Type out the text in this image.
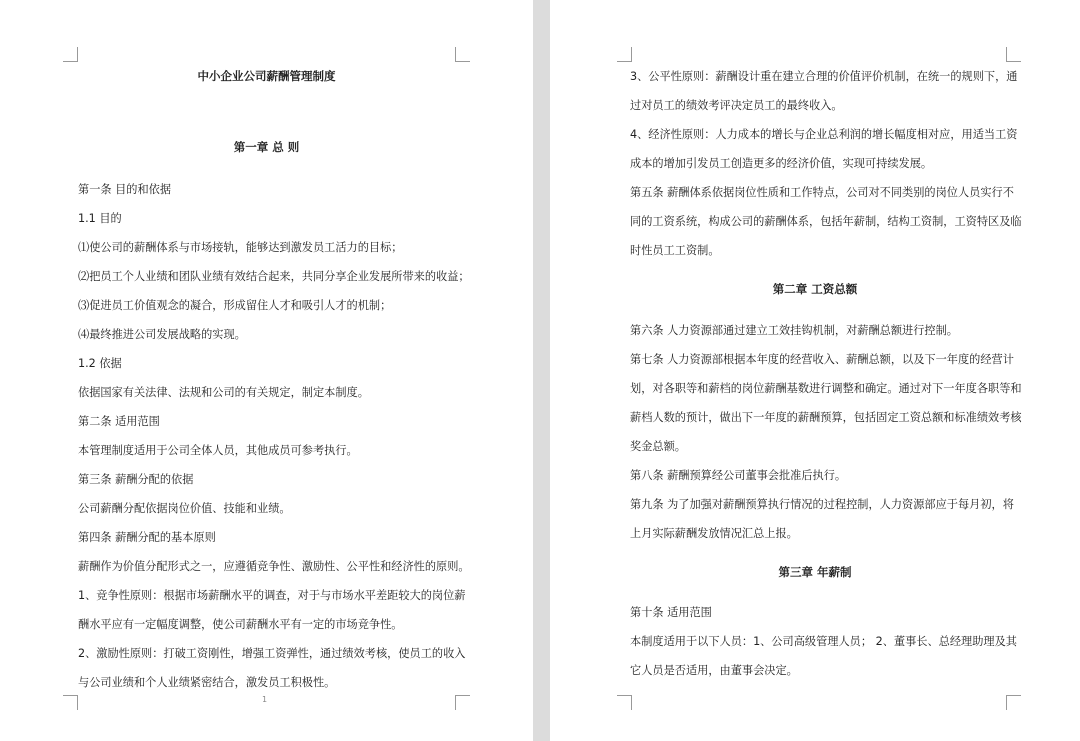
中小企业公司薪酬管理制度
第一章 总 则
第一条 目的和依据
1.1 目的
⑴使公司的薪酬体系与市场接轨，能够达到激发员工活力的目标；
⑵把员工个人业绩和团队业绩有效结合起来，共同分享企业发展所带来的收益；
⑶促进员工价值观念的凝合，形成留住人才和吸引人才的机制；
⑷最终推进公司发展战略的实现。
1.2 依据
依据国家有关法律、法规和公司的有关规定，制定本制度。
第二条 适用范围
本管理制度适用于公司全体人员，其他成员可参考执行。
第三条 薪酬分配的依据
公司薪酬分配依据岗位价值、技能和业绩。
第四条 薪酬分配的基本原则
薪酬作为价值分配形式之一，应遵循竞争性、激励性、公平性和经济性的原则。
1、竞争性原则：根据市场薪酬水平的调查，对于与市场水平差距较大的岗位薪
酬水平应有一定幅度调整，使公司薪酬水平有一定的市场竞争性。
2、激励性原则：打破工资刚性，增强工资弹性，通过绩效考核，使员工的收入
与公司业绩和个人业绩紧密结合，激发员工积极性。
1
3、公平性原则：薪酬设计重在建立合理的价值评价机制，在统一的规则下，通
过对员工的绩效考评决定员工的最终收入。
4、经济性原则：人力成本的增长与企业总利润的增长幅度相对应，用适当工资
成本的增加引发员工创造更多的经济价值，实现可持续发展。
第五条 薪酬体系依据岗位性质和工作特点，公司对不同类别的岗位人员实行不
同的工资系统，构成公司的薪酬体系，包括年薪制，结构工资制，工资特区及临
时性员工工资制。
第二章 工资总额
第六条 人力资源部通过建立工效挂钩机制，对薪酬总额进行控制。
第七条 人力资源部根据本年度的经营收入、薪酬总额，以及下一年度的经营计
划，对各职等和薪档的岗位薪酬基数进行调整和确定。通过对下一年度各职等和
薪档人数的预计，做出下一年度的薪酬预算，包括固定工资总额和标准绩效考核
奖金总额。
第八条 薪酬预算经公司董事会批准后执行。
第九条 为了加强对薪酬预算执行情况的过程控制，人力资源部应于每月初，将
上月实际薪酬发放情况汇总上报。
第三章 年薪制
第十条 适用范围
本制度适用于以下人员：1、公司高级管理人员； 2、董事长、总经理助理及其
它人员是否适用，由董事会决定。
